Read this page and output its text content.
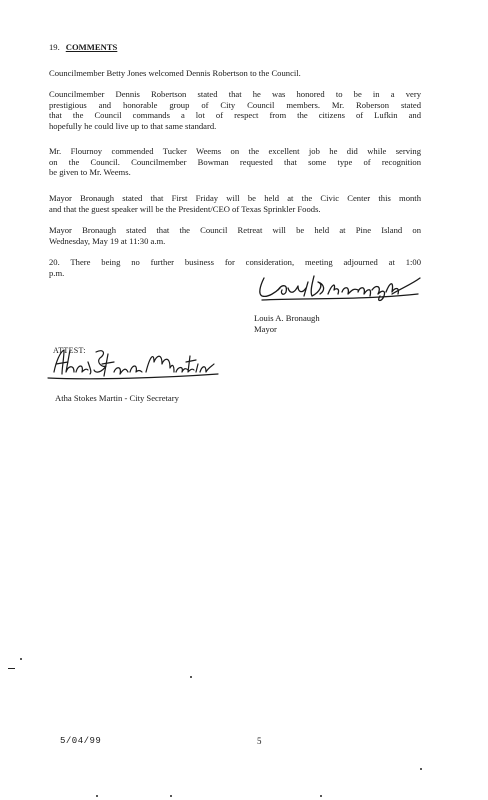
19. COMMENTS
Councilmember Betty Jones welcomed Dennis Robertson to the Council.
Councilmember Dennis Robertson stated that he was honored to be in a very
prestigious and honorable group of City Council members. Mr. Roberson stated
that the Council commands a lot of respect from the citizens of Lufkin and
hopefully he could live up to that same standard.
Mr. Flournoy commended Tucker Weems on the excellent job he did while serving
on the Council. Councilmember Bowman requested that some type of recognition
be given to Mr. Weems.
Mayor Bronaugh stated that First Friday will be held at the Civic Center this month
and that the guest speaker will be the President/CEO of Texas Sprinkler Foods.
Mayor Bronaugh stated that the Council Retreat will be held at Pine Island on
Wednesday, May 19 at 11:30 a.m.
20. There being no further business for consideration, meeting adjourned at 1:00
p.m.
Louis A. Bronaugh
Mayor
ATTEST:
Atha Stokes Martin - City Secretary
5/04/99	5
